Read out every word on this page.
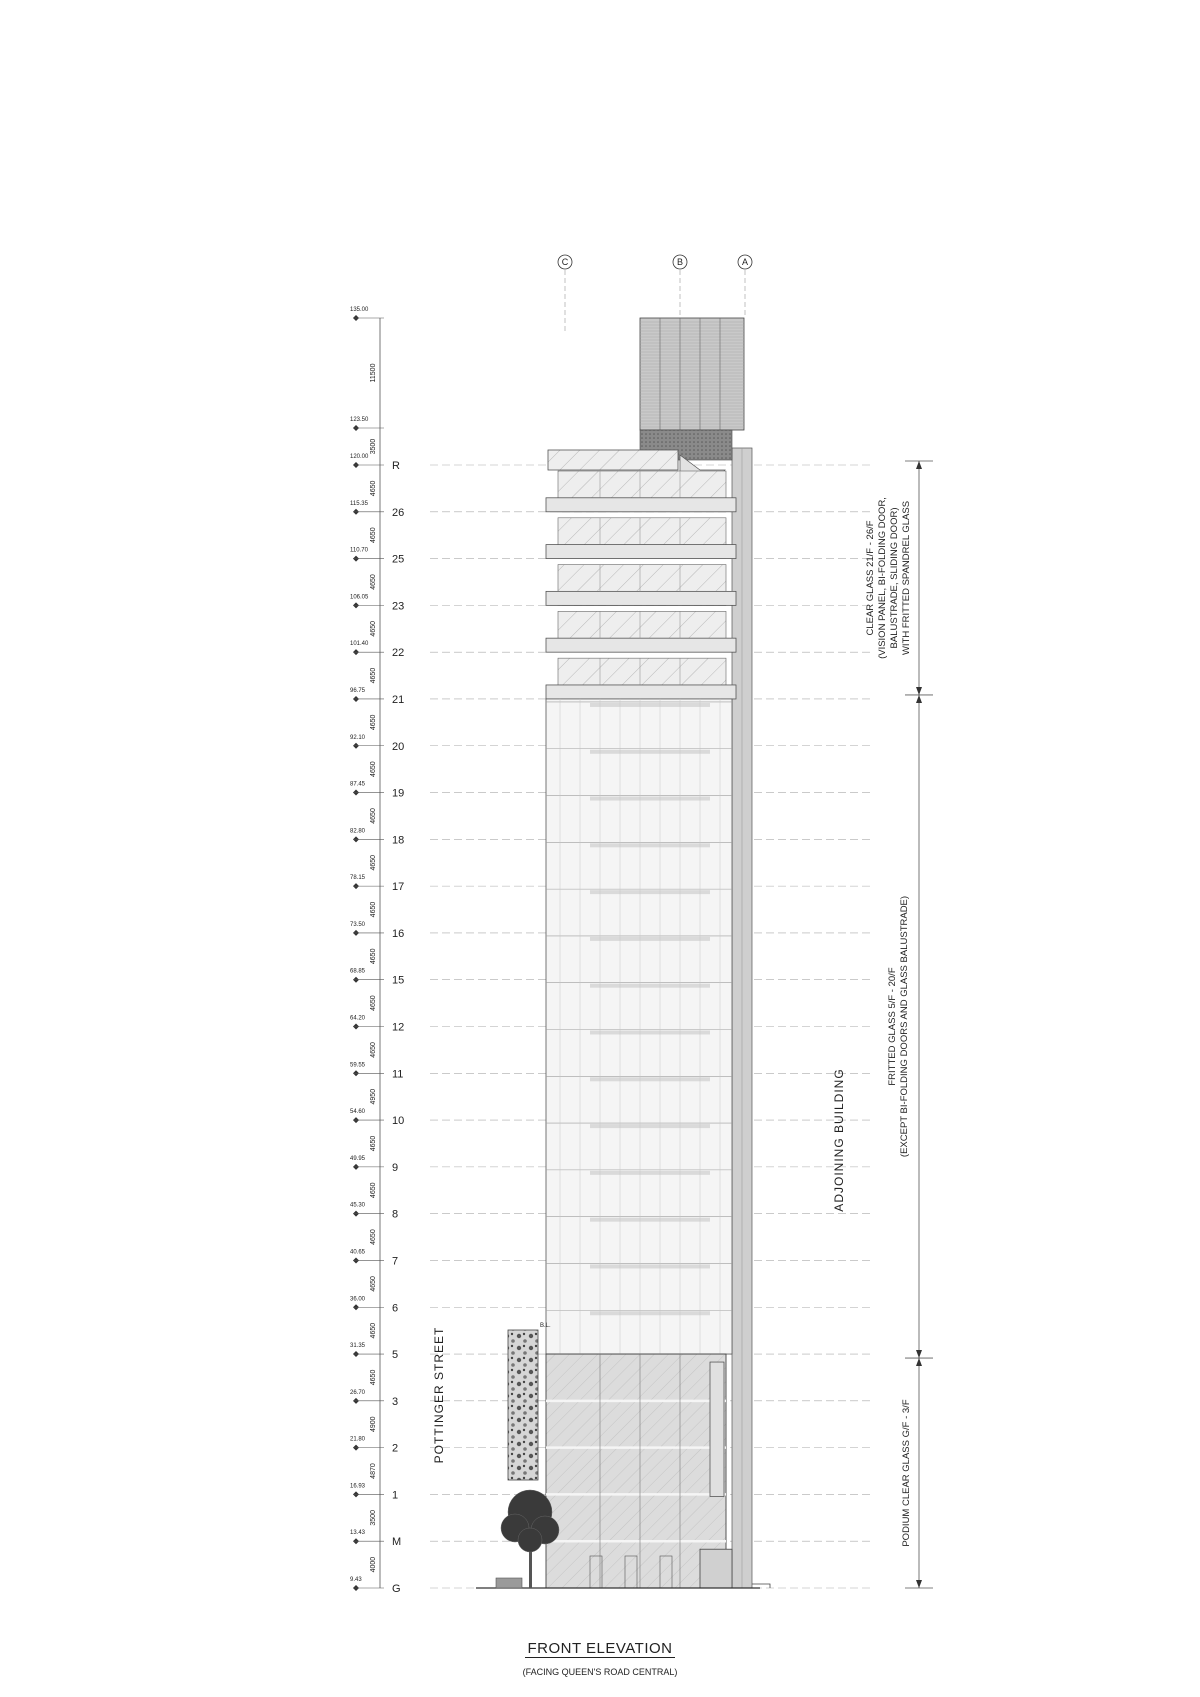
135.00
11500
123.50
3500
120.00
R
4650
115.35
26
4650
110.70
25
4650
106.05
23
4650
101.40
22
4650
96.75
21
4650
92.10
20
4650
87.45
19
4650
82.80
18
4650
78.15
17
4650
73.50
16
4650
68.85
15
4650
64.20
12
4650
59.55
11
4950
54.60
10
4650
49.95
9
4650
45.30
8
4650
40.65
7
4650
36.00
6
4650
31.35
5
4650
26.70
3
4900
21.80
2
4870
16.93
1
3500
13.43
M
4000
9.43
G
C	B	A
B.L.
POTTINGER STREET
ADJOINING BUILDING
CLEAR GLASS 21/F - 26/F (VISION PANEL, BI-FOLDING DOOR, BALUSTRADE, SLIDING DOOR) WITH FRITTED SPANDREL GLASS
FRITTED GLASS 5/F - 20/F (EXCEPT BI-FOLDING DOORS AND GLASS BALUSTRADE)
PODIUM CLEAR GLASS G/F - 3/F
FRONT ELEVATION
(FACING QUEEN'S ROAD CENTRAL)
